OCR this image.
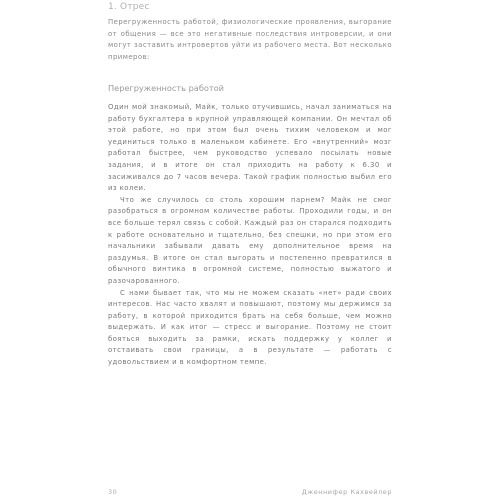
1. Отрес

Перегруженность работой, физиологические проявления, выгорание от общения — все это негативные последствия интроверсии, и они могут заставить интровертов уйти из рабочего места. Вот несколько примеров:

Перегруженность работой

Один мой знакомый, Майк, только отучившись, начал заниматься на работу бухгалтера в крупной управляющей компании. Он мечтал об этой работе, но при этом был очень тихим человеком и мог уединиться только в маленьком кабинете. Его «внутренний» мозг работал быстрее, чем руководство успевало посылать новые задания, и в итоге он стал приходить на работу к 6.30 и засиживался до 7 часов вечера. Такой график полностью выбил его из колеи.

Что же случилось со столь хорошим парнем? Майк не смог разобраться в огромном количестве работы. Проходили годы, и он все больше терял связь с собой. Каждый раз он старался подходить к работе основательно и тщательно, без спешки, но при этом его начальники забывали давать ему дополнительное время на раздумья. В итоге он стал выгорать и постепенно превратился в обычного винтика в огромной системе, полностью выжатого и разочарованного.

С нами бывает так, что мы не можем сказать «нет» ради своих интересов. Нас часто хвалят и повышают, поэтому мы держимся за работу, в которой приходится брать на себя больше, чем можно выдержать. И как итог — стресс и выгорание. Поэтому не стоит бояться выходить за рамки, искать поддержку у коллег и отстаивать свои границы, а в результате — работать с удовольствием и в комфортном темпе.

30	Дженнифер Кахвейлер
